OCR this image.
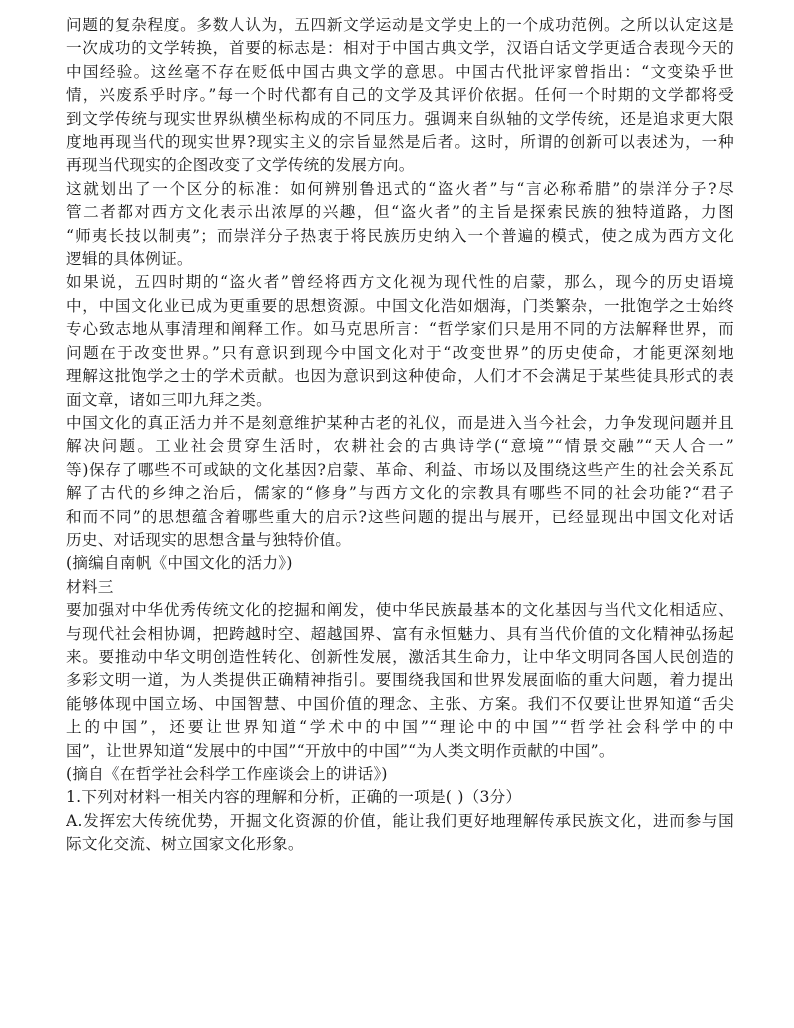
问题的复杂程度。多数人认为，五四新文学运动是文学史上的一个成功范例。之所以认定这是
一次成功的文学转换，首要的标志是：相对于中国古典文学，汉语白话文学更适合表现今天的
中国经验。这丝毫不存在贬低中国古典文学的意思。中国古代批评家曾指出：“文变染乎世
情，兴废系乎时序。”每一个时代都有自己的文学及其评价依据。任何一个时期的文学都将受
到文学传统与现实世界纵横坐标构成的不同压力。强调来自纵轴的文学传统，还是追求更大限
度地再现当代的现实世界?现实主义的宗旨显然是后者。这时，所谓的创新可以表述为，一种
再现当代现实的企图改变了文学传统的发展方向。

这就划出了一个区分的标准：如何辨别鲁迅式的“盗火者”与“言必称希腊”的崇洋分子?尽
管二者都对西方文化表示出浓厚的兴趣，但“盗火者”的主旨是探索民族的独特道路，力图
“师夷长技以制夷”；而崇洋分子热衷于将民族历史纳入一个普遍的模式，使之成为西方文化
逻辑的具体例证。

如果说，五四时期的“盗火者”曾经将西方文化视为现代性的启蒙，那么，现今的历史语境
中，中国文化业已成为更重要的思想资源。中国文化浩如烟海，门类繁杂，一批饱学之士始终
专心致志地从事清理和阐释工作。如马克思所言：“哲学家们只是用不同的方法解释世界，而
问题在于改变世界。”只有意识到现今中国文化对于“改变世界”的历史使命，才能更深刻地
理解这批饱学之士的学术贡献。也因为意识到这种使命，人们才不会满足于某些徒具形式的表
面文章，诸如三叩九拜之类。

中国文化的真正活力并不是刻意维护某种古老的礼仪，而是进入当今社会，力争发现问题并且
解决问题。工业社会贯穿生活时，农耕社会的古典诗学(“意境”“情景交融”“天人合一”
等)保存了哪些不可或缺的文化基因?启蒙、革命、利益、市场以及围绕这些产生的社会关系瓦
解了古代的乡绅之治后，儒家的“修身”与西方文化的宗教具有哪些不同的社会功能?“君子
和而不同”的思想蕴含着哪些重大的启示?这些问题的提出与展开，已经显现出中国文化对话
历史、对话现实的思想含量与独特价值。

(摘编自南帆《中国文化的活力》)

材料三

要加强对中华优秀传统文化的挖掘和阐发，使中华民族最基本的文化基因与当代文化相适应、
与现代社会相协调，把跨越时空、超越国界、富有永恒魅力、具有当代价值的文化精神弘扬起
来。要推动中华文明创造性转化、创新性发展，激活其生命力，让中华文明同各国人民创造的
多彩文明一道，为人类提供正确精神指引。要围绕我国和世界发展面临的重大问题，着力提出
能够体现中国立场、中国智慧、中国价值的理念、主张、方案。我们不仅要让世界知道“舌尖
上的中国”，还要让世界知道“学术中的中国”“理论中的中国”“哲学社会科学中的中
国”，让世界知道“发展中的中国”“开放中的中国”“为人类文明作贡献的中国”。

(摘自《在哲学社会科学工作座谈会上的讲话》)

1.下列对材料一相关内容的理解和分析，正确的一项是( )（3分）

A.发挥宏大传统优势，开掘文化资源的价值，能让我们更好地理解传承民族文化，进而参与国
际文化交流、树立国家文化形象。
